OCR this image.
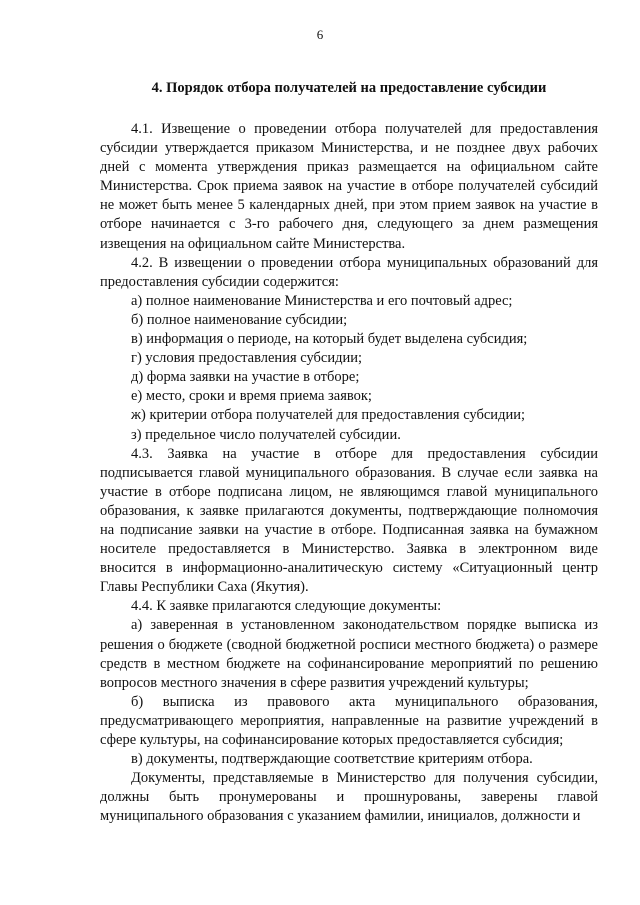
6
4. Порядок отбора получателей на предоставление субсидии

4.1. Извещение о проведении отбора получателей для предоставления субсидии утверждается приказом Министерства, и не позднее двух рабочих дней с момента утверждения приказ размещается на официальном сайте Министерства. Срок приема заявок на участие в отборе получателей субсидий не может быть менее 5 календарных дней, при этом прием заявок на участие в отборе начинается с 3-го рабочего дня, следующего за днем размещения извещения на официальном сайте Министерства.

4.2. В извещении о проведении отбора муниципальных образований для предоставления субсидии содержится:

а) полное наименование Министерства и его почтовый адрес;

б) полное наименование субсидии;

в) информация о периоде, на который будет выделена субсидия;

г) условия предоставления субсидии;

д) форма заявки на участие в отборе;

е) место, сроки и время приема заявок;

ж) критерии отбора получателей для предоставления субсидии;

з) предельное число получателей субсидии.

4.3. Заявка на участие в отборе для предоставления субсидии подписывается главой муниципального образования. В случае если заявка на участие в отборе подписана лицом, не являющимся главой муниципального образования, к заявке прилагаются документы, подтверждающие полномочия на подписание заявки на участие в отборе. Подписанная заявка на бумажном носителе предоставляется в Министерство. Заявка в электронном виде вносится в информационно-аналитическую систему «Ситуационный центр Главы Республики Саха (Якутия).

4.4. К заявке прилагаются следующие документы:

а) заверенная в установленном законодательством порядке выписка из решения о бюджете (сводной бюджетной росписи местного бюджета) о размере средств в местном бюджете на софинансирование мероприятий по решению вопросов местного значения в сфере развития учреждений культуры;

б) выписка из правового акта муниципального образования, предусматривающего мероприятия, направленные на развитие учреждений в сфере культуры, на софинансирование которых предоставляется субсидия;

в) документы, подтверждающие соответствие критериям отбора.

Документы, представляемые в Министерство для получения субсидии, должны быть пронумерованы и прошнурованы, заверены главой муниципального образования с указанием фамилии, инициалов, должности и
